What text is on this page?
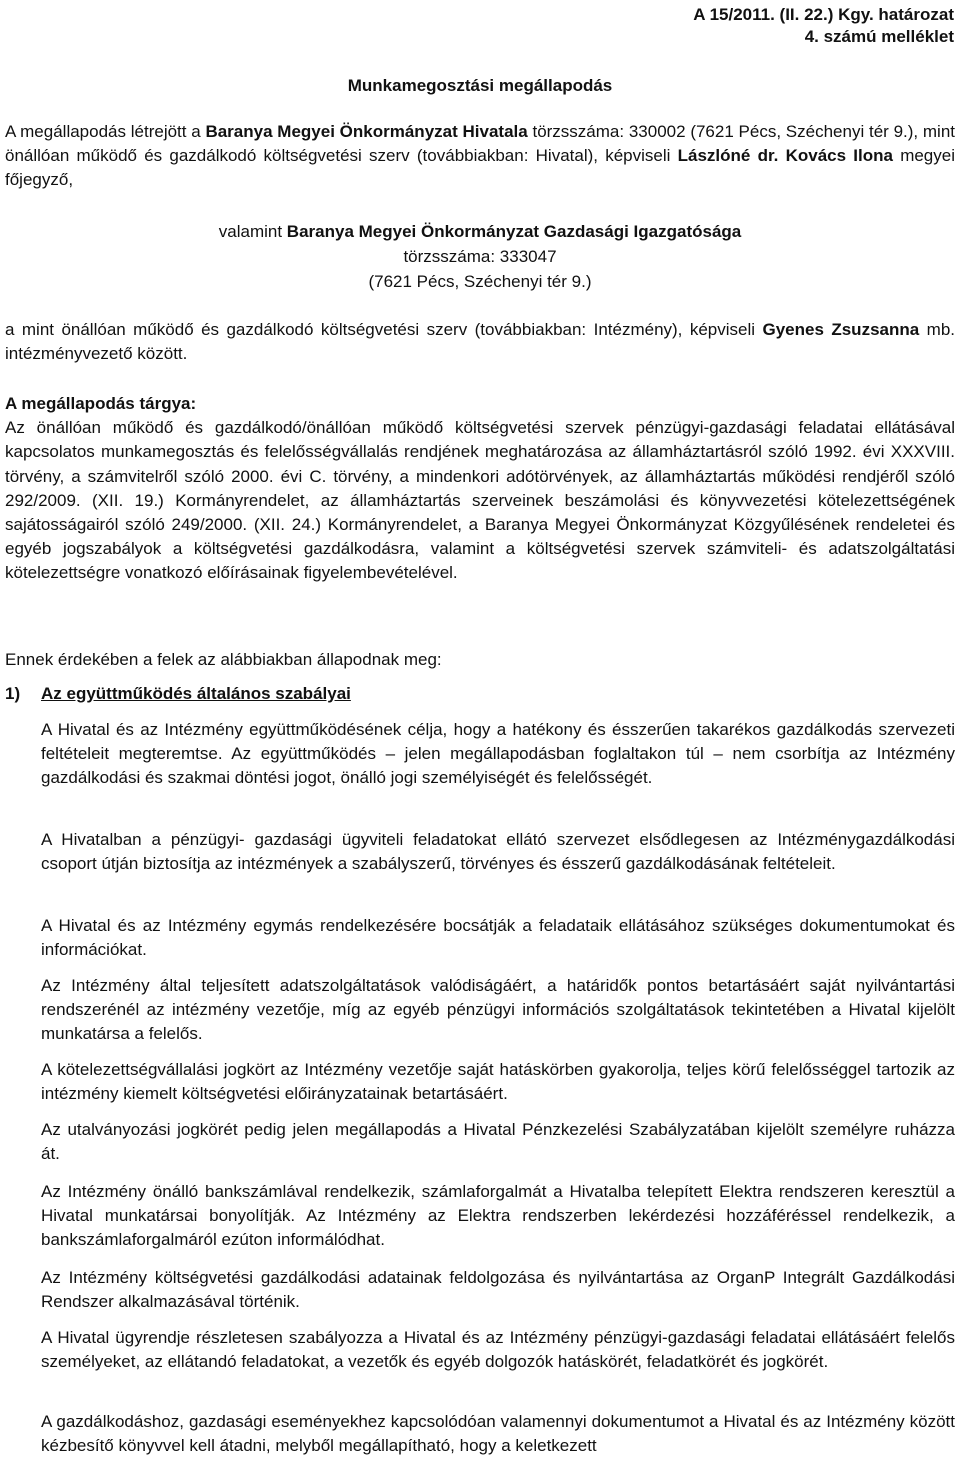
A 15/2011. (II. 22.) Kgy. határozat
4. számú melléklet
Munkamegosztási megállapodás

A megállapodás létrejött a Baranya Megyei Önkormányzat Hivatala törzsszáma: 330002 (7621 Pécs, Széchenyi tér 9.), mint önállóan működő és gazdálkodó költségvetési szerv (továbbiakban: Hivatal), képviseli Lászlóné dr. Kovács Ilona megyei főjegyző,

valamint Baranya Megyei Önkormányzat Gazdasági Igazgatósága
törzsszáma: 333047
(7621 Pécs, Széchenyi tér 9.)

a mint önállóan működő és gazdálkodó költségvetési szerv (továbbiakban: Intézmény), képviseli Gyenes Zsuzsanna mb. intézményvezető között.

A megállapodás tárgya:
Az önállóan működő és gazdálkodó/önállóan működő költségvetési szervek pénzügyi-gazdasági feladatai ellátásával kapcsolatos munkamegosztás és felelősségvállalás rendjének meghatározása az államháztartásról szóló 1992. évi XXXVIII. törvény, a számvitelről szóló 2000. évi C. törvény, a mindenkori adótörvények, az államháztartás működési rendjéről szóló 292/2009. (XII. 19.) Kormányrendelet, az államháztartás szerveinek beszámolási és könyvvezetési kötelezettségének sajátosságairól szóló 249/2000. (XII. 24.) Kormányrendelet, a Baranya Megyei Önkormányzat Közgyűlésének rendeletei és egyéb jogszabályok a költségvetési gazdálkodásra, valamint a költségvetési szervek számviteli- és adatszolgáltatási kötelezettségre vonatkozó előírásainak figyelembevételével.

Ennek érdekében a felek az alábbiakban állapodnak meg:

1) Az együttműködés általános szabályai

A Hivatal és az Intézmény együttműködésének célja, hogy a hatékony és ésszerűen takarékos gazdálkodás szervezeti feltételeit megteremtse. Az együttműködés – jelen megállapodásban foglaltakon túl – nem csorbítja az Intézmény gazdálkodási és szakmai döntési jogot, önálló jogi személyiségét és felelősségét.

A Hivatalban a pénzügyi- gazdasági ügyviteli feladatokat ellátó szervezet elsődlegesen az Intézménygazdálkodási csoport útján biztosítja az intézmények a szabályszerű, törvényes és ésszerű gazdálkodásának feltételeit.

A Hivatal és az Intézmény egymás rendelkezésére bocsátják a feladataik ellátásához szükséges dokumentumokat és információkat.

Az Intézmény által teljesített adatszolgáltatások valódiságáért, a határidők pontos betartásáért saját nyilvántartási rendszerénél az intézmény vezetője, míg az egyéb pénzügyi információs szolgáltatások tekintetében a Hivatal kijelölt munkatársa a felelős.

A kötelezettségvállalási jogkört az Intézmény vezetője saját hatáskörben gyakorolja, teljes körű felelősséggel tartozik az intézmény kiemelt költségvetési előirányzatainak betartásáért.

Az utalványozási jogkörét pedig jelen megállapodás a Hivatal Pénzkezelési Szabályzatában kijelölt személyre ruházza át.

Az Intézmény önálló bankszámlával rendelkezik, számlaforgalmát a Hivatalba telepített Elektra rendszeren keresztül a Hivatal munkatársai bonyolítják. Az Intézmény az Elektra rendszerben lekérdezési hozzáféréssel rendelkezik, a bankszámlaforgalmáról ezúton informálódhat.

Az Intézmény költségvetési gazdálkodási adatainak feldolgozása és nyilvántartása az OrganP Integrált Gazdálkodási Rendszer alkalmazásával történik.

A Hivatal ügyrendje részletesen szabályozza a Hivatal és az Intézmény pénzügyi-gazdasági feladatai ellátásáért felelős személyeket, az ellátandó feladatokat, a vezetők és egyéb dolgozók hatáskörét, feladatkörét és jogkörét.

A gazdálkodáshoz, gazdasági eseményekhez kapcsolódóan valamennyi dokumentumot a Hivatal és az Intézmény között kézbesítő könyvvel kell átadni, melyből megállapítható, hogy a keletkezett
